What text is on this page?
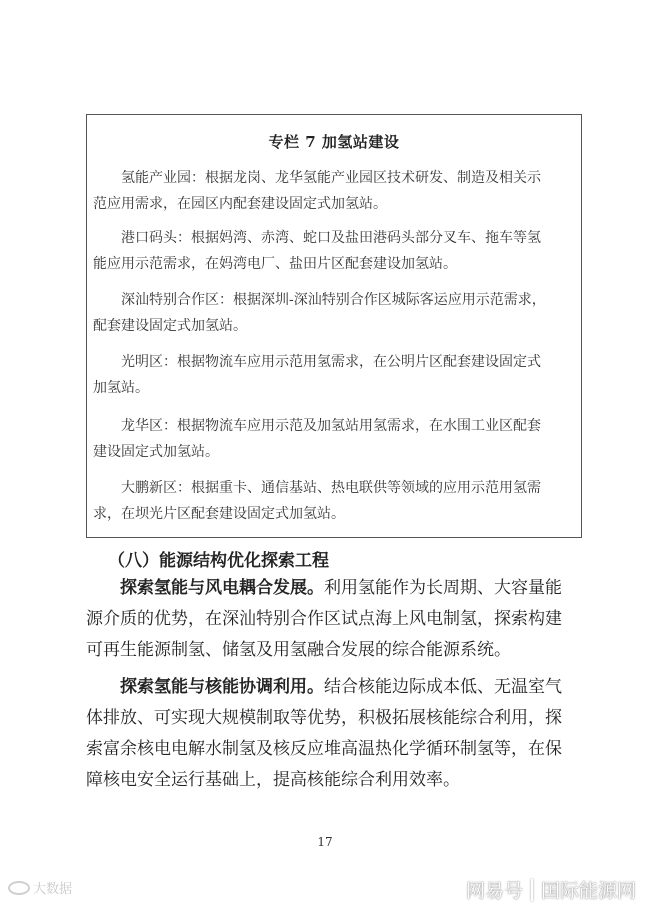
专栏 7 加氢站建设
氢能产业园：根据龙岗、龙华氢能产业园区技术研发、制造及相关示
范应用需求，在园区内配套建设固定式加氢站。
港口码头：根据妈湾、赤湾、蛇口及盐田港码头部分叉车、拖车等氢
能应用示范需求，在妈湾电厂、盐田片区配套建设加氢站。
深汕特别合作区：根据深圳-深汕特别合作区城际客运应用示范需求，
配套建设固定式加氢站。
光明区：根据物流车应用示范用氢需求，在公明片区配套建设固定式
加氢站。
龙华区：根据物流车应用示范及加氢站用氢需求，在水围工业区配套
建设固定式加氢站。
大鹏新区：根据重卡、通信基站、热电联供等领域的应用示范用氢需
求，在坝光片区配套建设固定式加氢站。
（八）能源结构优化探索工程
探索氢能与风电耦合发展。利用氢能作为长周期、大容量能
源介质的优势，在深汕特别合作区试点海上风电制氢，探索构建
可再生能源制氢、储氢及用氢融合发展的综合能源系统。
探索氢能与核能协调利用。结合核能边际成本低、无温室气
体排放、可实现大规模制取等优势，积极拓展核能综合利用，探
索富余核电电解水制氢及核反应堆高温热化学循环制氢等，在保
障核电安全运行基础上，提高核能综合利用效率。
17
大数据	网易号 国际能源网
